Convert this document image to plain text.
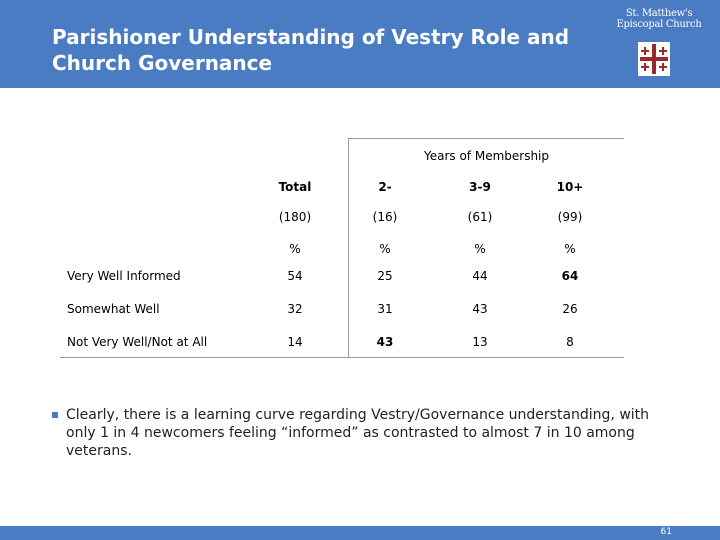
Parishioner Understanding of Vestry Role and Church Governance
St. Matthew's
Episcopal Church
Years of Membership
Total	2-	3-9	10+
(180)	(16)	(61)	(99)
%	%	%	%
Very Well Informed	54	25	44	64
Somewhat Well	32	31	43	26
Not Very Well/Not at All	14	43	13	8
Clearly, there is a learning curve regarding Vestry/Governance understanding, with only 1 in 4 newcomers feeling “informed” as contrasted to almost 7 in 10 among veterans.
61
